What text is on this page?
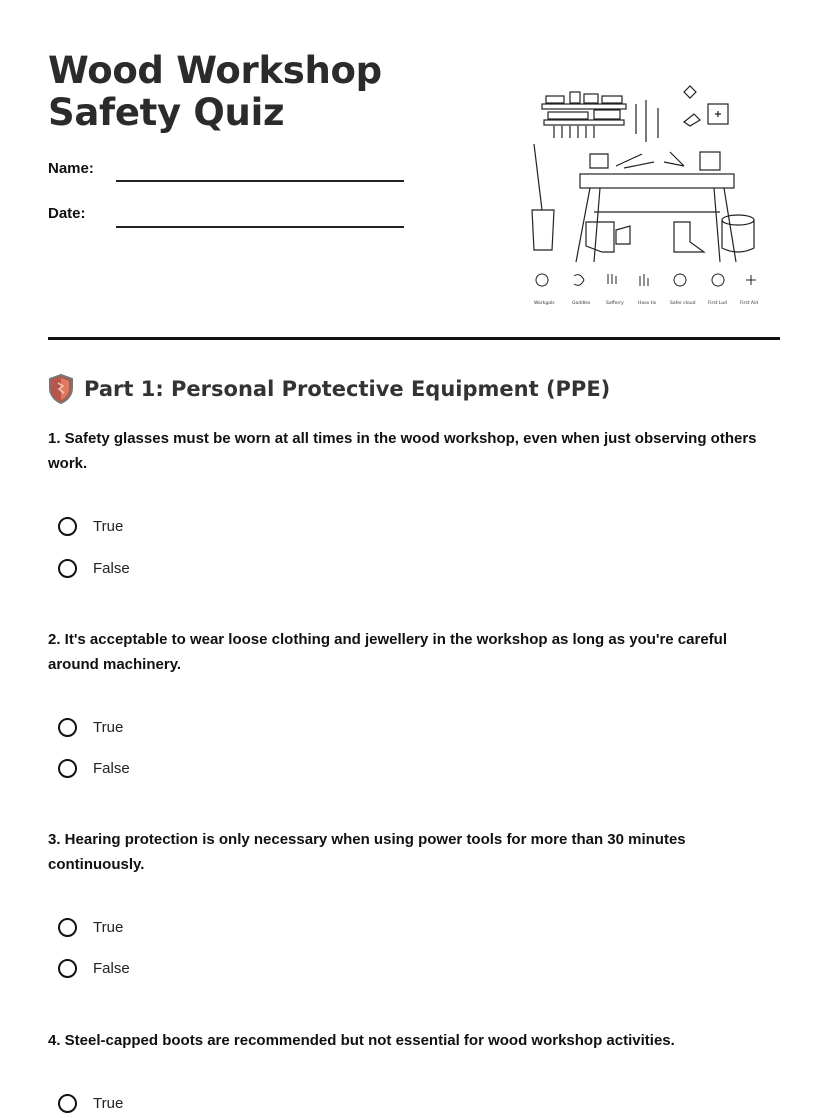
Wood Workshop Safety Quiz
Name:
Date:
Workgals	Goddles	Safferry	Hase tis	Safer cloud	First Lud	First Aid
Part 1: Personal Protective Equipment (PPE)
1. Safety glasses must be worn at all times in the wood workshop, even when just observing others work.
True
False
2. It's acceptable to wear loose clothing and jewellery in the workshop as long as you're careful around machinery.
True
False
3. Hearing protection is only necessary when using power tools for more than 30 minutes continuously.
True
False
4. Steel-capped boots are recommended but not essential for wood workshop activities.
True
